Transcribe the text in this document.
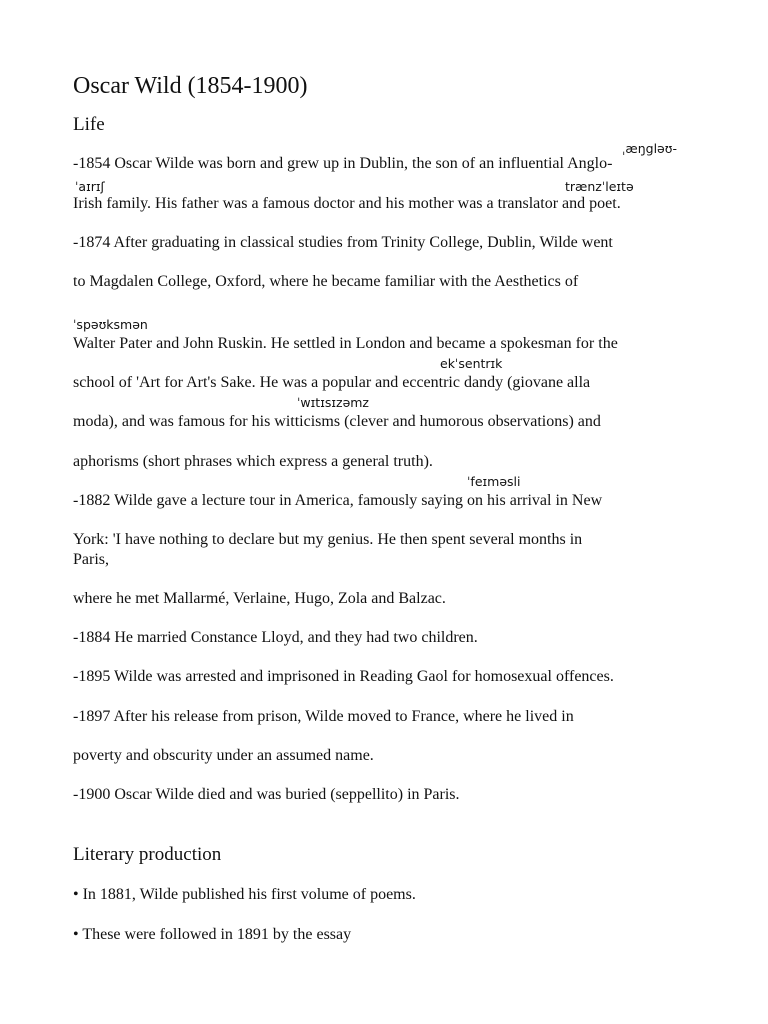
Oscar Wild (1854-1900)
Life
ˌæŋgləʊ-
ˈaɪrɪʃ	trænzˈleɪtə
ˈspəʊksmən
ekˈsentrɪk
ˈwɪtɪsɪzəmz
ˈfeɪməsli
-1854 Oscar Wilde was born and grew up in Dublin, the son of an influential Anglo-
Irish family. His father was a famous doctor and his mother was a translator and poet.
-1874 After graduating in classical studies from Trinity College, Dublin, Wilde went
to Magdalen College, Oxford, where he became familiar with the Aesthetics of
Walter Pater and John Ruskin. He settled in London and became a spokesman for the
school of 'Art for Art's Sake. He was a popular and eccentric dandy (giovane alla
moda), and was famous for his witticisms (clever and humorous observations) and
aphorisms (short phrases which express a general truth).
-1882 Wilde gave a lecture tour in America, famously saying on his arrival in New
York: 'I have nothing to declare but my genius. He then spent several months in
Paris,
where he met Mallarmé, Verlaine, Hugo, Zola and Balzac.
-1884 He married Constance Lloyd, and they had two children.
-1895 Wilde was arrested and imprisoned in Reading Gaol for homosexual offences.
-1897 After his release from prison, Wilde moved to France, where he lived in
poverty and obscurity under an assumed name.
-1900 Oscar Wilde died and was buried (seppellito) in Paris.
Literary production
• In 1881, Wilde published his first volume of poems.
• These were followed in 1891 by the essay
